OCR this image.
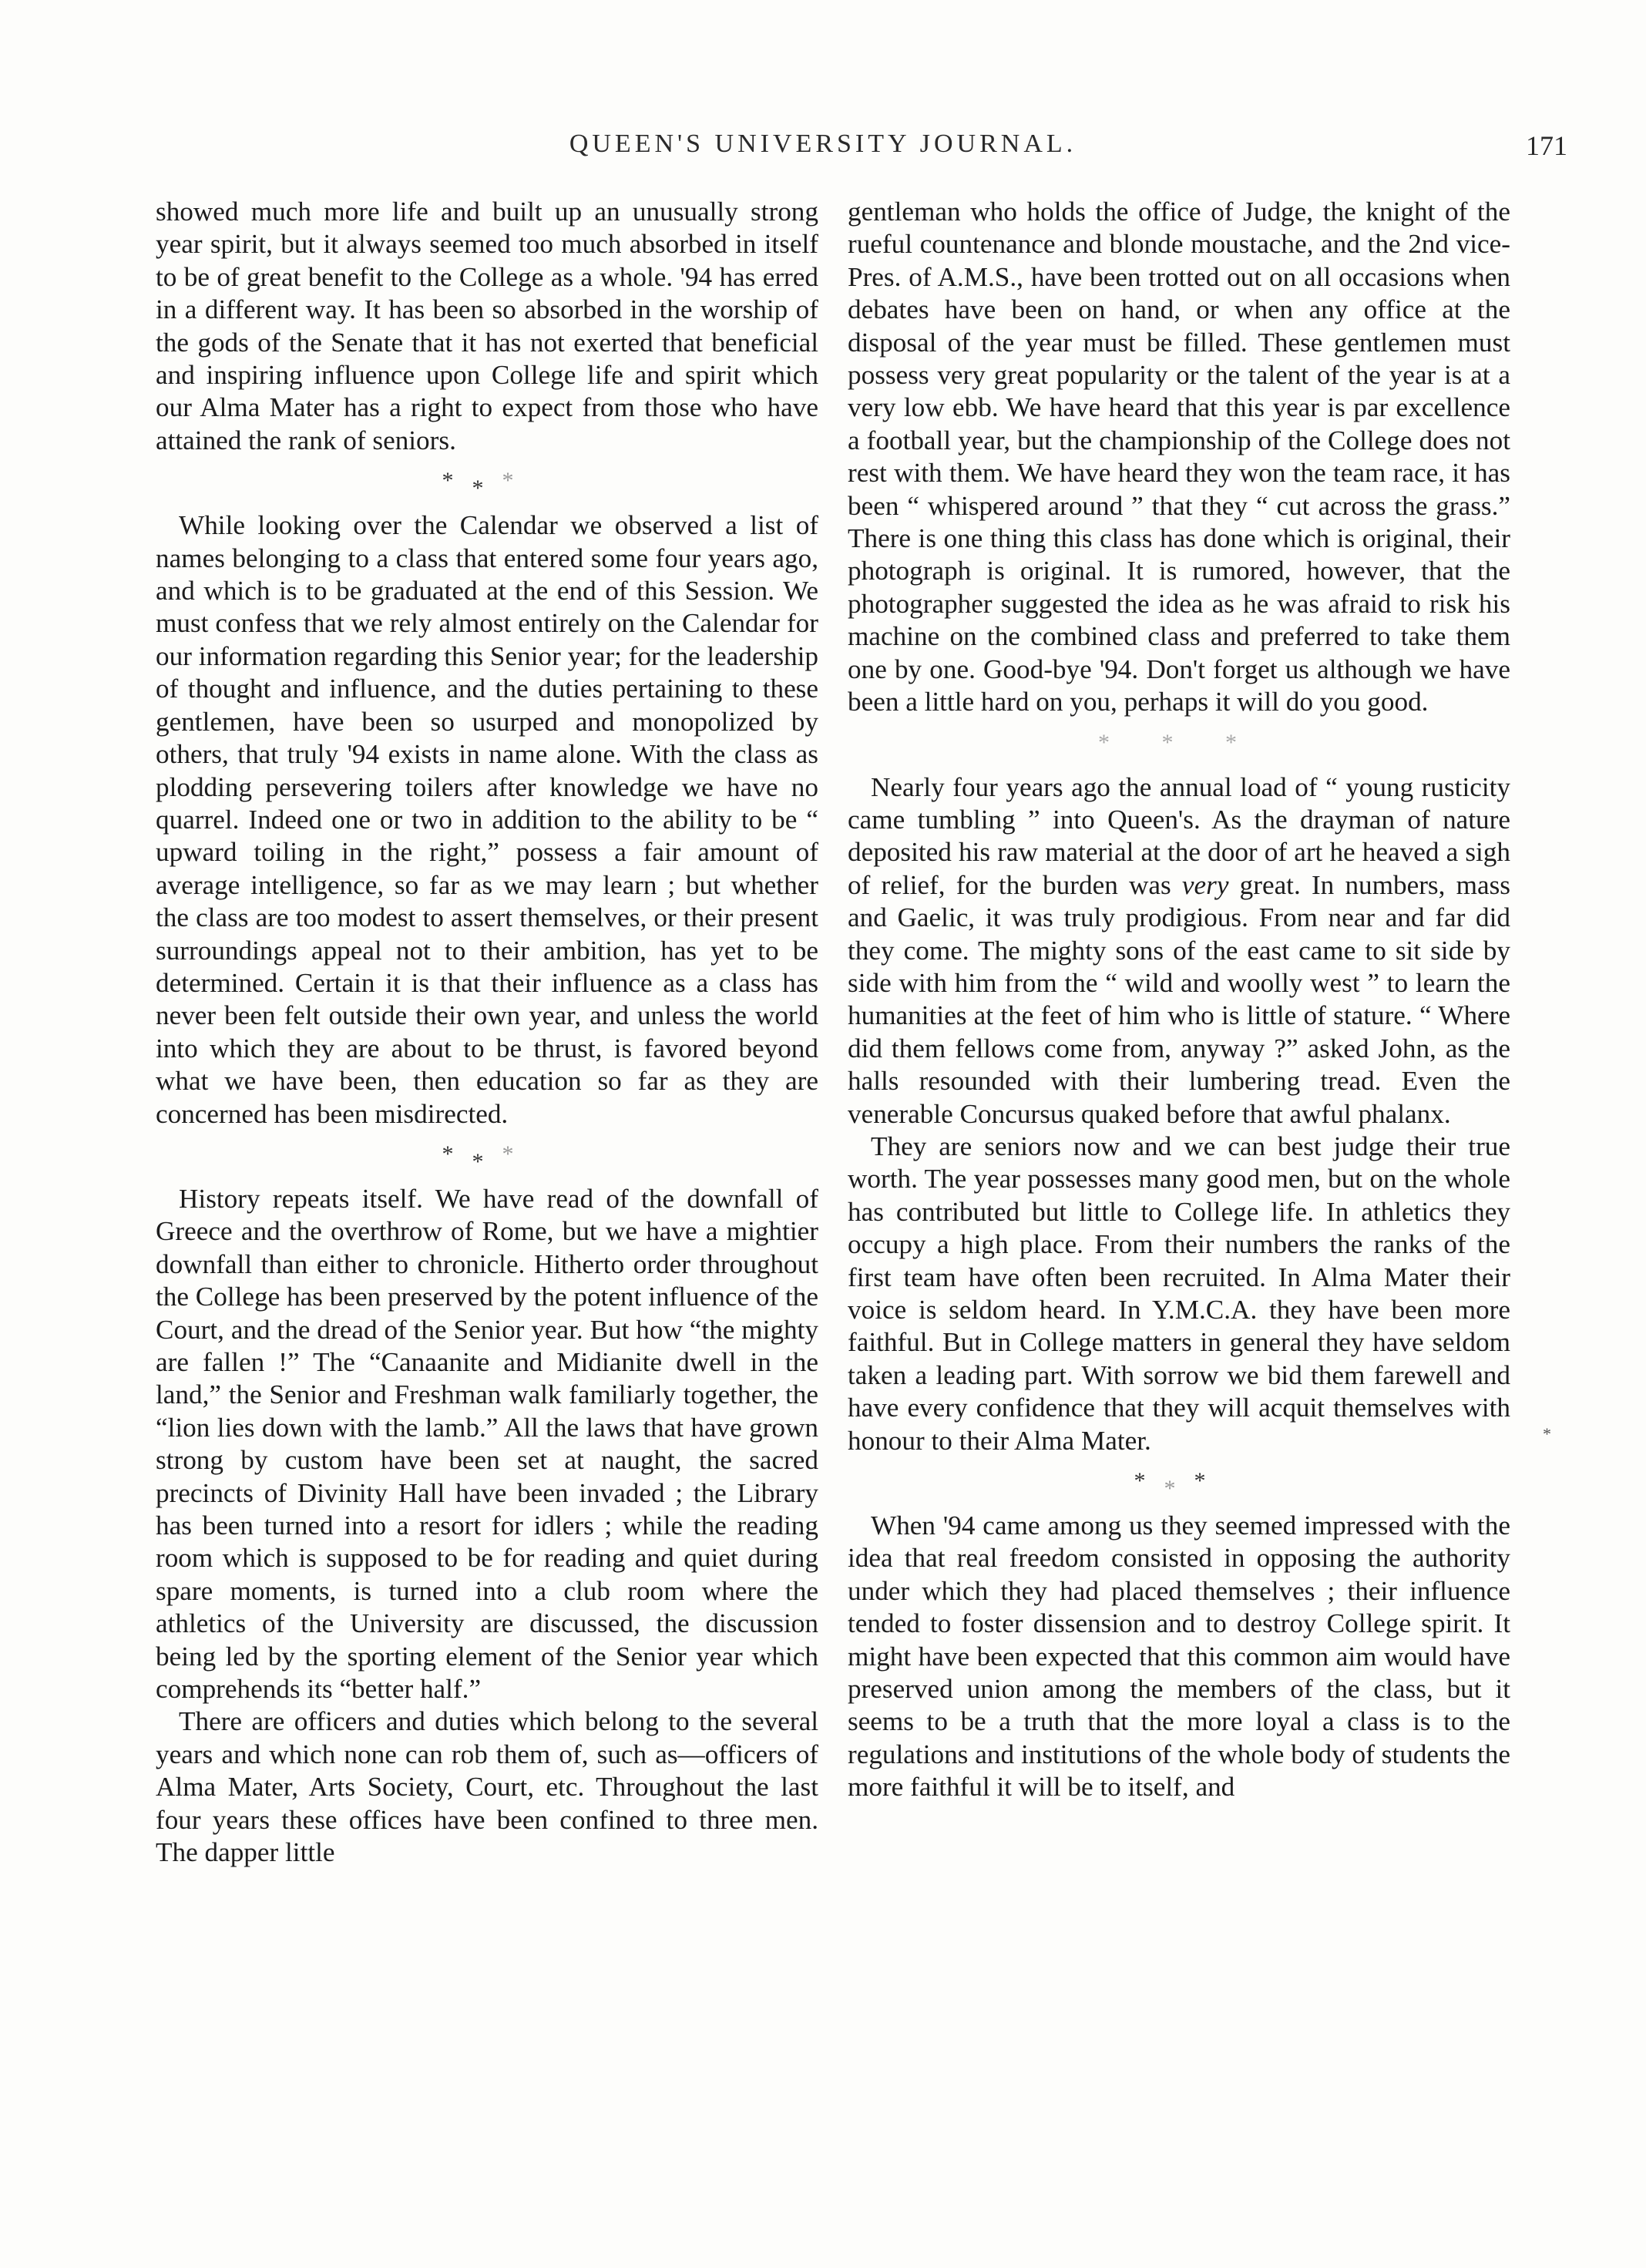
QUEEN'S UNIVERSITY JOURNAL.	171

showed much more life and built up an unusually strong year spirit, but it always seemed too much absorbed in itself to be of great benefit to the College as a whole. '94 has erred in a different way. It has been so absorbed in the worship of the gods of the Senate that it has not exerted that beneficial and inspiring influence upon College life and spirit which our Alma Mater has a right to expect from those who have attained the rank of seniors.

***

While looking over the Calendar we observed a list of names belonging to a class that entered some four years ago, and which is to be graduated at the end of this Session. We must confess that we rely almost entirely on the Calendar for our information regarding this Senior year; for the leadership of thought and influence, and the duties pertaining to these gentlemen, have been so usurped and monopolized by others, that truly '94 exists in name alone. With the class as plodding persevering toilers after knowledge we have no quarrel. Indeed one or two in addition to the ability to be “ upward toiling in the right,” possess a fair amount of average intelligence, so far as we may learn ; but whether the class are too modest to assert themselves, or their present surroundings appeal not to their ambition, has yet to be determined. Certain it is that their influence as a class has never been felt outside their own year, and unless the world into which they are about to be thrust, is favored beyond what we have been, then education so far as they are concerned has been misdirected.

***

History repeats itself. We have read of the downfall of Greece and the overthrow of Rome, but we have a mightier downfall than either to chronicle. Hitherto order throughout the College has been preserved by the potent influence of the Court, and the dread of the Senior year. But how “the mighty are fallen !” The “Canaanite and Midianite dwell in the land,” the Senior and Freshman walk familiarly together, the “lion lies down with the lamb.” All the laws that have grown strong by custom have been set at naught, the sacred precincts of Divinity Hall have been invaded ; the Library has been turned into a resort for idlers ; while the reading room which is supposed to be for reading and quiet during spare moments, is turned into a club room where the athletics of the University are discussed, the discussion being led by the sporting element of the Senior year which comprehends its “better half.”

There are officers and duties which belong to the several years and which none can rob them of, such as—officers of Alma Mater, Arts Society, Court, etc. Throughout the last four years these offices have been confined to three men. The dapper little

gentleman who holds the office of Judge, the knight of the rueful countenance and blonde moustache, and the 2nd vice-Pres. of A.M.S., have been trotted out on all occasions when debates have been on hand, or when any office at the disposal of the year must be filled. These gentlemen must possess very great popularity or the talent of the year is at a very low ebb. We have heard that this year is par excellence a football year, but the championship of the College does not rest with them. We have heard they won the team race, it has been “ whispered around ” that they “ cut across the grass.” There is one thing this class has done which is original, their photograph is original. It is rumored, however, that the photographer suggested the idea as he was afraid to risk his machine on the combined class and preferred to take them one by one. Good-bye '94. Don't forget us although we have been a little hard on you, perhaps it will do you good.

* * *

Nearly four years ago the annual load of “ young rusticity came tumbling ” into Queen's. As the drayman of nature deposited his raw material at the door of art he heaved a sigh of relief, for the burden was very great. In numbers, mass and Gaelic, it was truly prodigious. From near and far did they come. The mighty sons of the east came to sit side by side with him from the “ wild and woolly west ” to learn the humanities at the feet of him who is little of stature. “ Where did them fellows come from, anyway ?” asked John, as the halls resounded with their lumbering tread. Even the venerable Concursus quaked before that awful phalanx.

They are seniors now and we can best judge their true worth. The year possesses many good men, but on the whole has contributed but little to College life. In athletics they occupy a high place. From their numbers the ranks of the first team have often been recruited. In Alma Mater their voice is seldom heard. In Y.M.C.A. they have been more faithful. But in College matters in general they have seldom taken a leading part. With sorrow we bid them farewell and have every confidence that they will acquit themselves with honour to their Alma Mater.

***

When '94 came among us they seemed impressed with the idea that real freedom consisted in opposing the authority under which they had placed themselves ; their influence tended to foster dissension and to destroy College spirit. It might have been expected that this common aim would have preserved union among the members of the class, but it seems to be a truth that the more loyal a class is to the regulations and institutions of the whole body of students the more faithful it will be to itself, and

*
